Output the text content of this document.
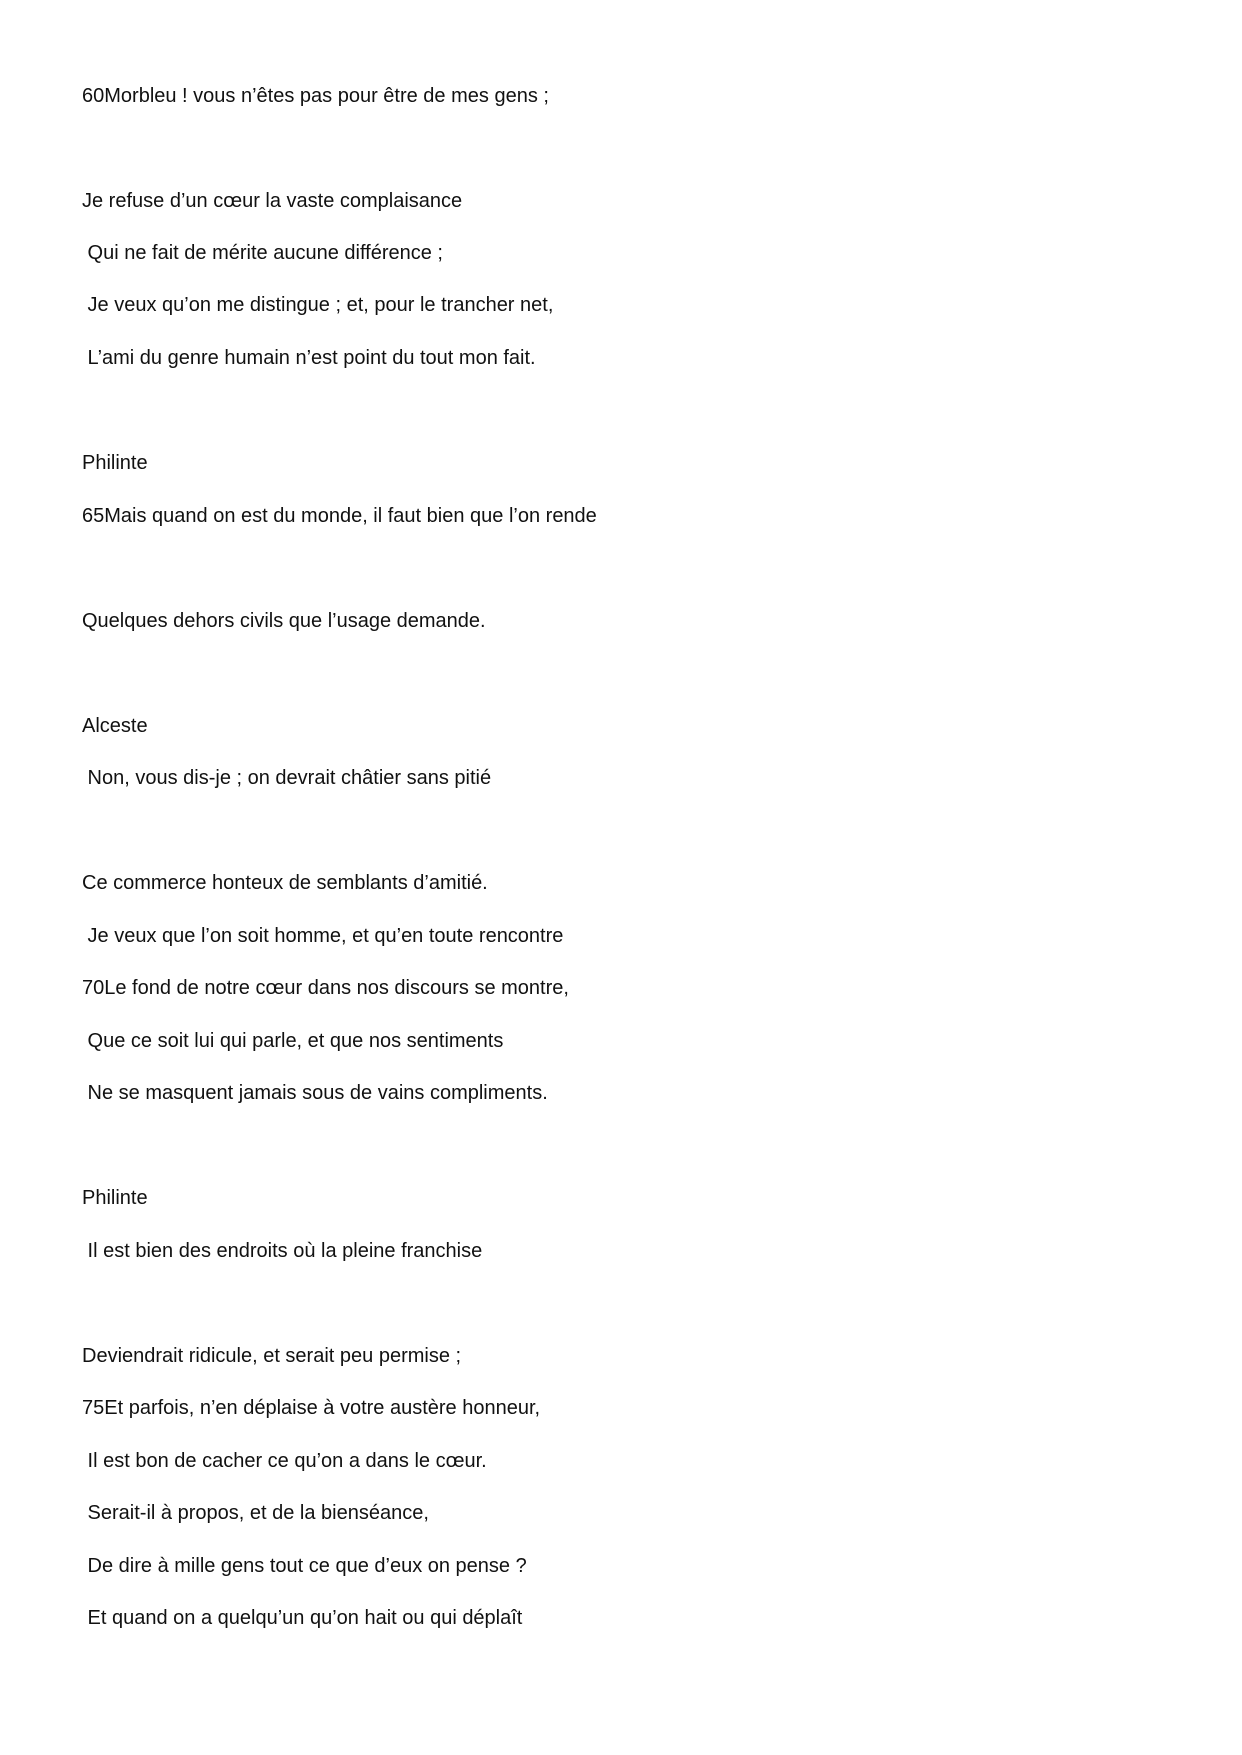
60Morbleu ! vous n’êtes pas pour être de mes gens ;
Je refuse d’un cœur la vaste complaisance
Qui ne fait de mérite aucune différence ;
Je veux qu’on me distingue ; et, pour le trancher net,
L’ami du genre humain n’est point du tout mon fait.
Philinte
65Mais quand on est du monde, il faut bien que l’on rende
Quelques dehors civils que l’usage demande.
Alceste
Non, vous dis-je ; on devrait châtier sans pitié
Ce commerce honteux de semblants d’amitié.
Je veux que l’on soit homme, et qu’en toute rencontre
70Le fond de notre cœur dans nos discours se montre,
Que ce soit lui qui parle, et que nos sentiments
Ne se masquent jamais sous de vains compliments.
Philinte
Il est bien des endroits où la pleine franchise
Deviendrait ridicule, et serait peu permise ;
75Et parfois, n’en déplaise à votre austère honneur,
Il est bon de cacher ce qu’on a dans le cœur.
Serait-il à propos, et de la bienséance,
De dire à mille gens tout ce que d’eux on pense ?
Et quand on a quelqu’un qu’on hait ou qui déplaît
